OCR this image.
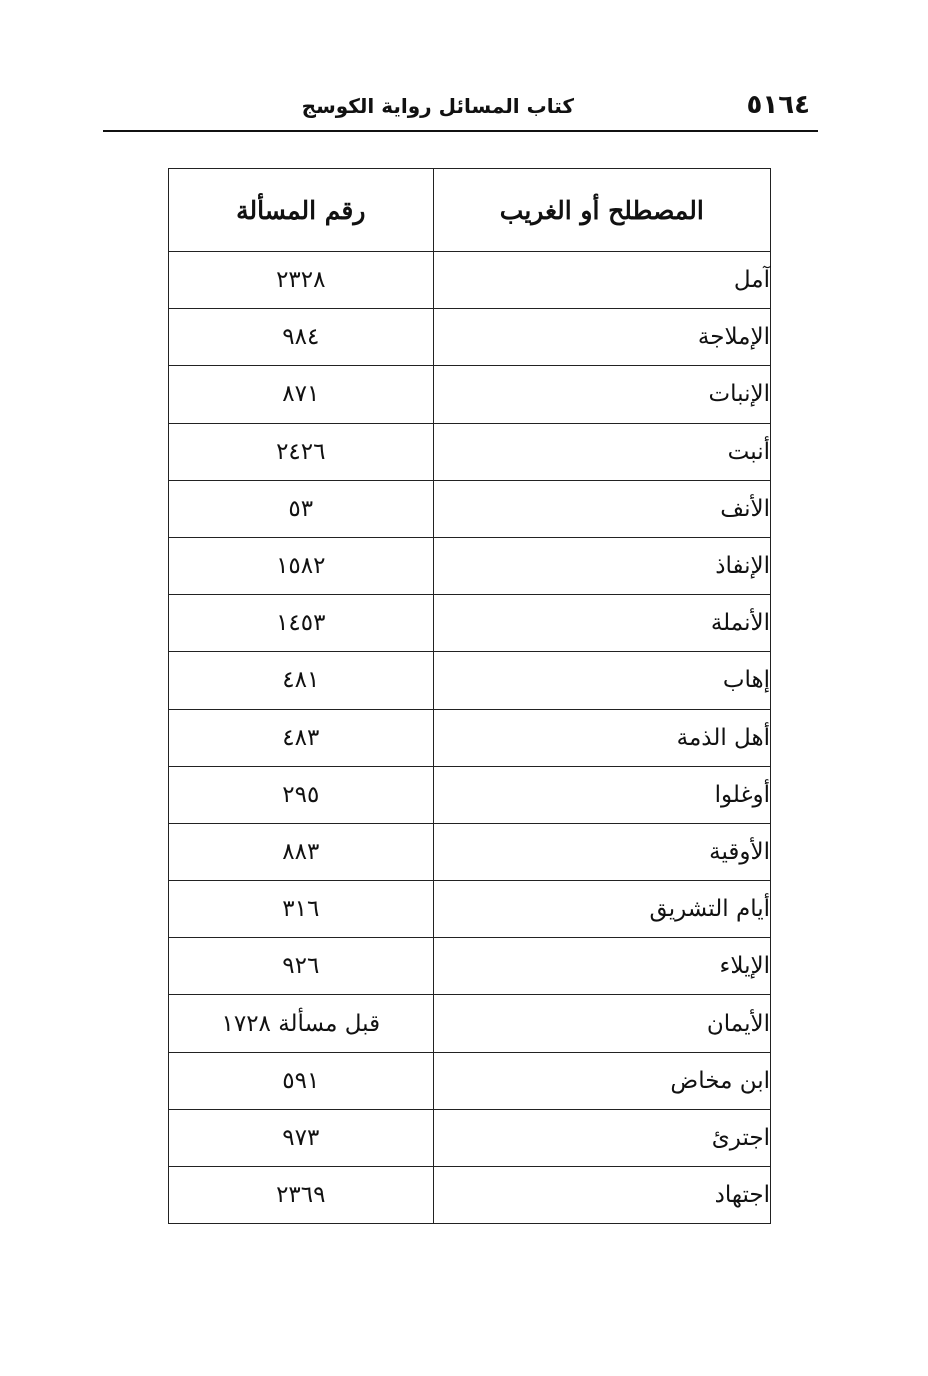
٥١٦٤
كتاب المسائل رواية الكوسج
المصطلح أو الغريب	رقم المسألة
آمل	٢٣٢٨
الإملاجة	٩٨٤
الإنبات	٨٧١
أنبت	٢٤٢٦
الأنف	٥٣
الإنفاذ	١٥٨٢
الأنملة	١٤٥٣
إهاب	٤٨١
أهل الذمة	٤٨٣
أوغلوا	٢٩٥
الأوقية	٨٨٣
أيام التشريق	٣١٦
الإيلاء	٩٢٦
الأيمان	قبل مسألة ١٧٢٨
ابن مخاض	٥٩١
اجترئ	٩٧٣
اجتهاد	٢٣٦٩
